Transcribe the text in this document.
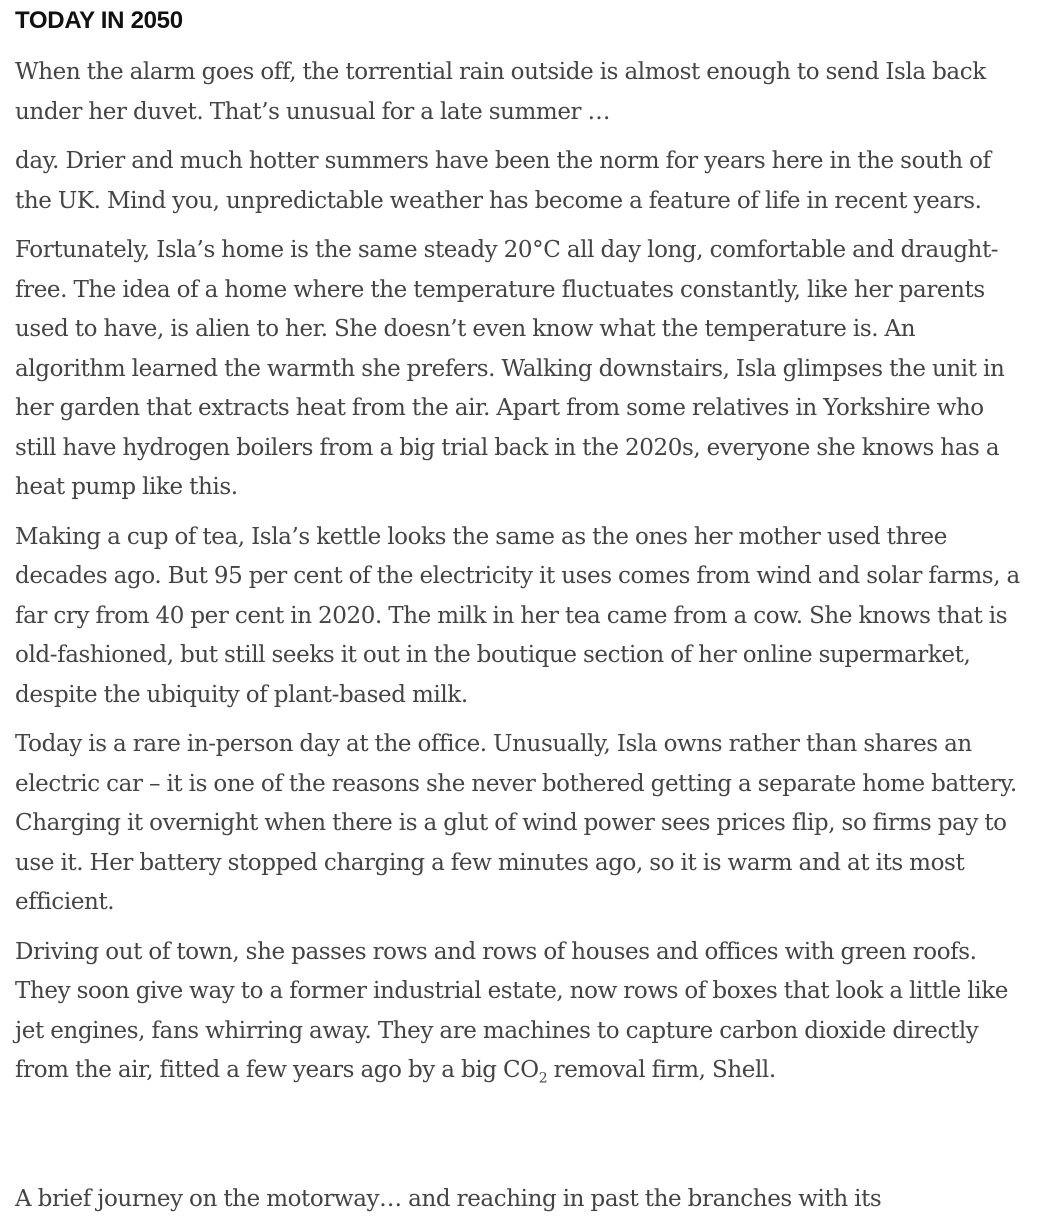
TODAY IN 2050

When the alarm goes off, the torrential rain outside is almost enough to send Isla back under her duvet. That’s unusual for a late summer …

day. Drier and much hotter summers have been the norm for years here in the south of the UK. Mind you, unpredictable weather has become a feature of life in recent years.

Fortunately, Isla’s home is the same steady 20°C all day long, comfortable and draught-free. The idea of a home where the temperature fluctuates constantly, like her parents used to have, is alien to her. She doesn’t even know what the temperature is. An algorithm learned the warmth she prefers. Walking downstairs, Isla glimpses the unit in her garden that extracts heat from the air. Apart from some relatives in Yorkshire who still have hydrogen boilers from a big trial back in the 2020s, everyone she knows has a heat pump like this.

Making a cup of tea, Isla’s kettle looks the same as the ones her mother used three decades ago. But 95 per cent of the electricity it uses comes from wind and solar farms, a far cry from 40 per cent in 2020. The milk in her tea came from a cow. She knows that is old-fashioned, but still seeks it out in the boutique section of her online supermarket, despite the ubiquity of plant-based milk.

Today is a rare in-person day at the office. Unusually, Isla owns rather than shares an electric car – it is one of the reasons she never bothered getting a separate home battery. Charging it overnight when there is a glut of wind power sees prices flip, so firms pay to use it. Her battery stopped charging a few minutes ago, so it is warm and at its most efficient.

Driving out of town, she passes rows and rows of houses and offices with green roofs. They soon give way to a former industrial estate, now rows of boxes that look a little like jet engines, fans whirring away. They are machines to capture carbon dioxide directly from the air, fitted a few years ago by a big $CO_2$ removal firm, Shell.

A brief journey on the motorway… and reaching in past the branches with its
